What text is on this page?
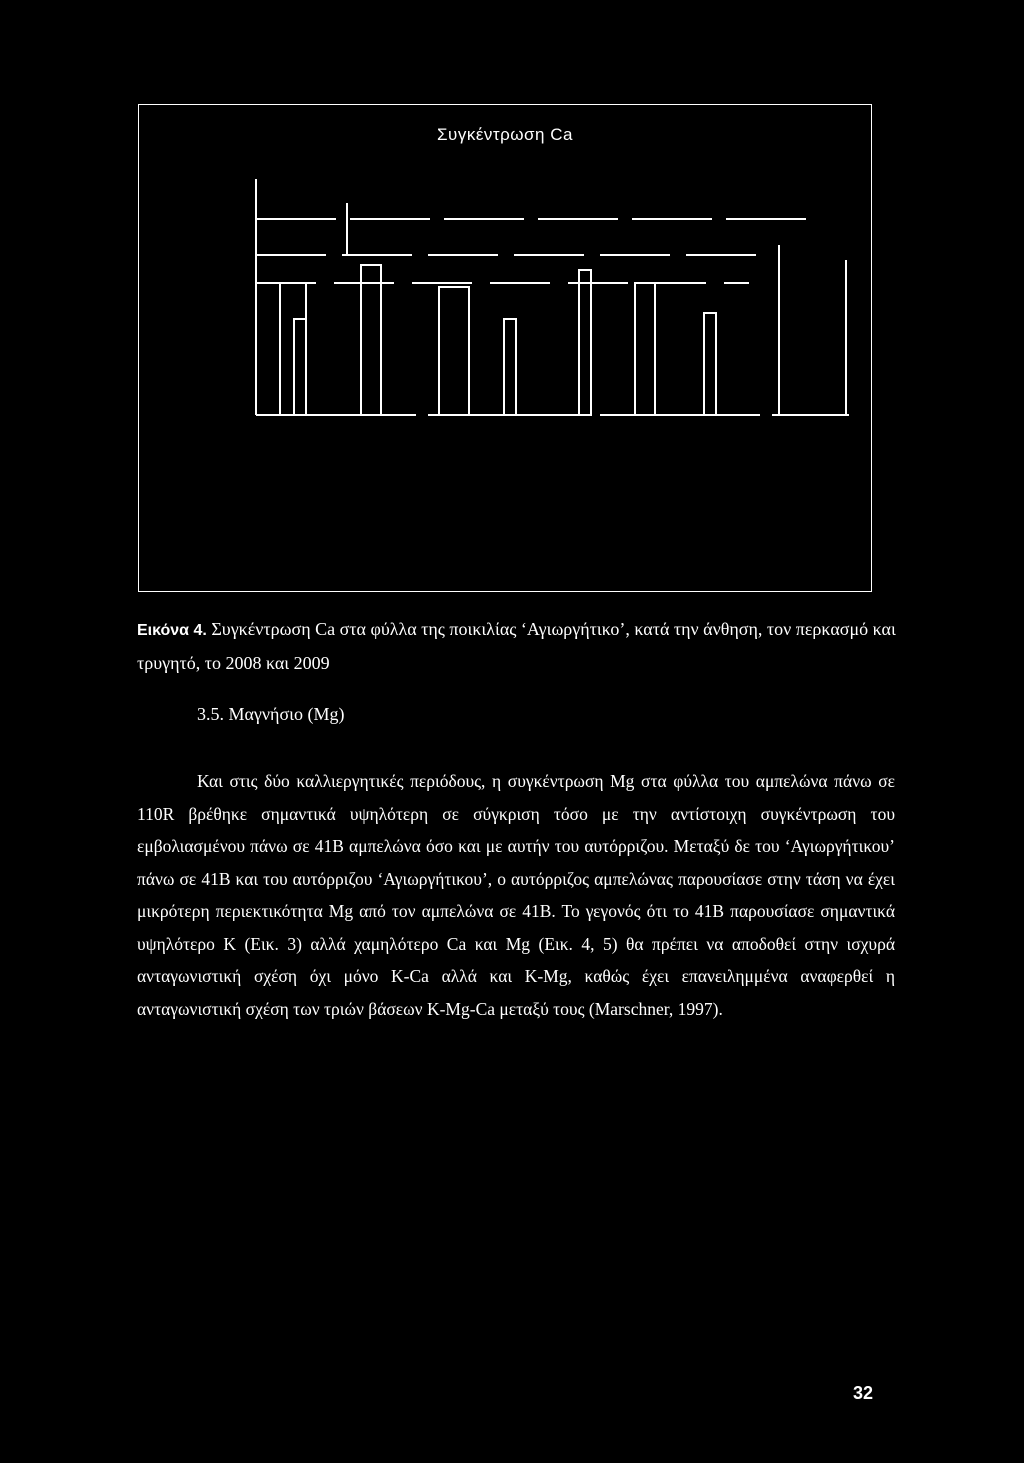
Συγκέντρωση Ca
Εικόνα 4. Συγκέντρωση Ca στα φύλλα της ποικιλίας ‘Αγιωργήτικο’, κατά την άνθηση, τον περκασμό και τρυγητό, το 2008 και 2009
3.5. Μαγνήσιο (Mg)
Και στις δύο καλλιεργητικές περιόδους, η συγκέντρωση Mg στα φύλλα του αμπελώνα πάνω σε 110R βρέθηκε σημαντικά υψηλότερη σε σύγκριση τόσο με την αντίστοιχη συγκέντρωση του εμβολιασμένου πάνω σε 41Β αμπελώνα όσο και με αυτήν του αυτόρριζου. Μεταξύ δε του ‘Αγιωργήτικου’ πάνω σε 41Β και του αυτόρριζου ‘Αγιωργήτικου’, ο αυτόρριζος αμπελώνας παρουσίασε στην τάση να έχει μικρότερη περιεκτικότητα Mg από τον αμπελώνα σε 41Β. Το γεγονός ότι το 41Β παρουσίασε σημαντικά υψηλότερο Κ (Εικ. 3) αλλά χαμηλότερο Ca και Mg (Εικ. 4, 5) θα πρέπει να αποδοθεί στην ισχυρά ανταγωνιστική σχέση όχι μόνο K-Ca αλλά και K-Mg, καθώς έχει επανειλημμένα αναφερθεί η ανταγωνιστική σχέση των τριών βάσεων K-Mg-Ca μεταξύ τους (Marschner, 1997).
32
